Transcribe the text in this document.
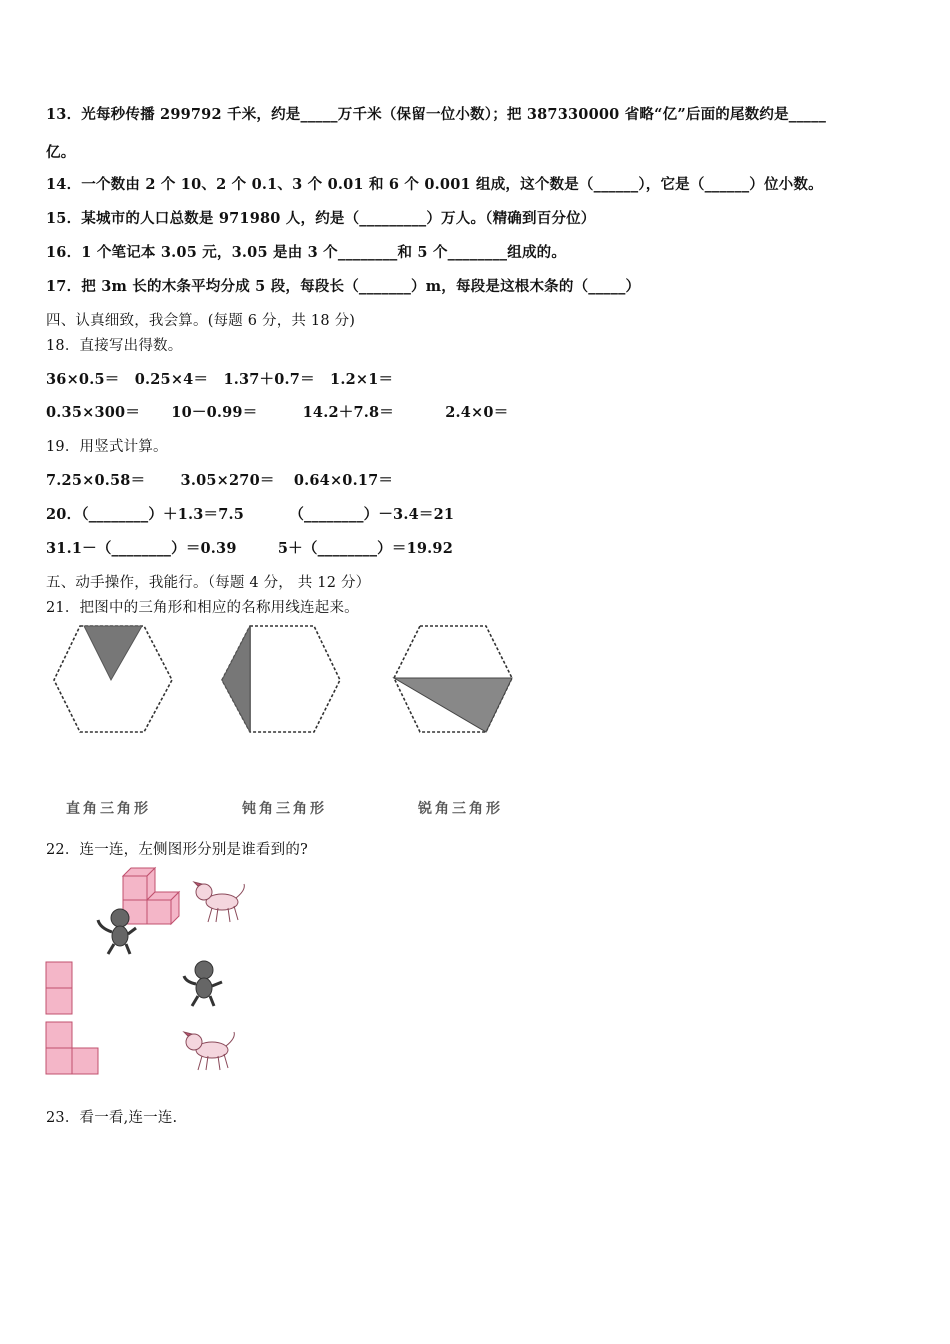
13．光每秒传播 299792 千米，约是_____万千米（保留一位小数）；把 387330000 省略“亿”后面的尾数约是_____
亿。
14．一个数由 2 个 10、2 个 0.1、3 个 0.01 和 6 个 0.001 组成，这个数是（______），它是（______）位小数。
15．某城市的人口总数是 971980 人，约是（_________）万人。（精确到百分位）
16．1 个笔记本 3.05 元，3.05 是由 3 个________和 5 个________组成的。
17．把 3m 长的木条平均分成 5 段，每段长（_______）m，每段是这根木条的（_____）
四、认真细致，我会算。(每题 6 分，共 18 分)
18．直接写出得数。
36×0.5＝ 0.25×4＝ 1.37＋0.7＝ 1.2×1＝
0.35×300＝ 10－0.99＝	14.2＋7.8＝	2.4×0＝
19．用竖式计算。
7.25×0.58＝ 3.05×270＝ 0.64×0.17＝
20．（________）＋1.3＝7.5	（________）－3.4＝21
31.1－（________）＝0.39	5＋（________）＝19.92
五、动手操作，我能行。（每题 4 分， 共 12 分）
21．把图中的三角形和相应的名称用线连起来。
直角三角形	钝角三角形	锐角三角形
22．连一连，左侧图形分别是谁看到的?
23．看一看,连一连.
